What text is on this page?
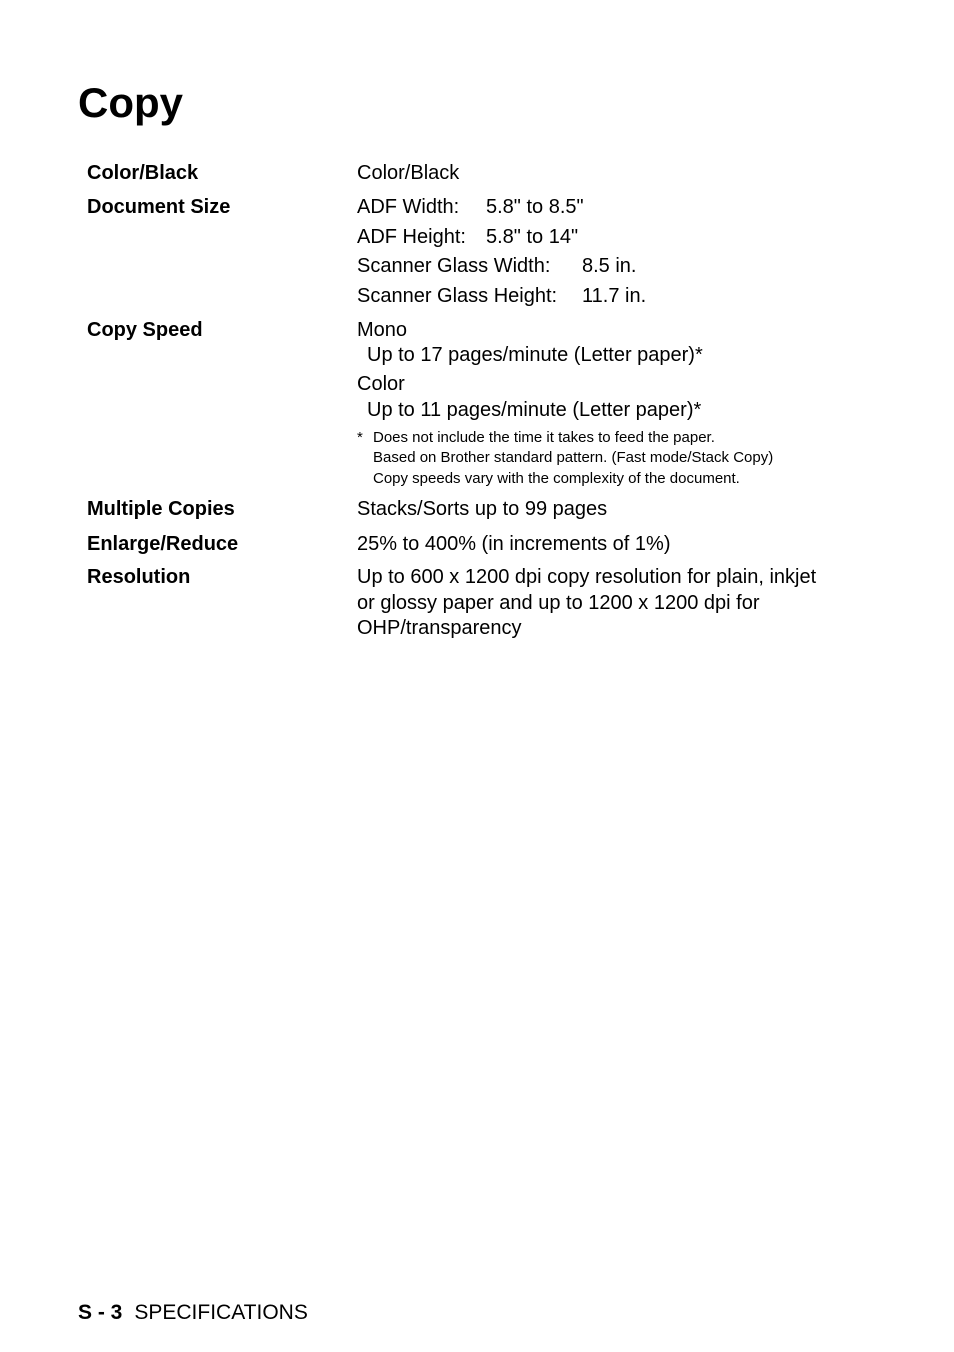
Copy
Color/Black	Color/Black
Document Size	ADF Width: 5.8" to 8.5"
ADF Height: 5.8" to 14"
Scanner Glass Width: 8.5 in.
Scanner Glass Height: 11.7 in.
Copy Speed	Mono
Up to 17 pages/minute (Letter paper)*
Color
Up to 11 pages/minute (Letter paper)*
* Does not include the time it takes to feed the paper.
Based on Brother standard pattern. (Fast mode/Stack Copy)
Copy speeds vary with the complexity of the document.
Multiple Copies	Stacks/Sorts up to 99 pages
Enlarge/Reduce	25% to 400% (in increments of 1%)
Resolution	Up to 600 x 1200 dpi copy resolution for plain, inkjet
or glossy paper and up to 1200 x 1200 dpi for
OHP/transparency
S - 3 SPECIFICATIONS
